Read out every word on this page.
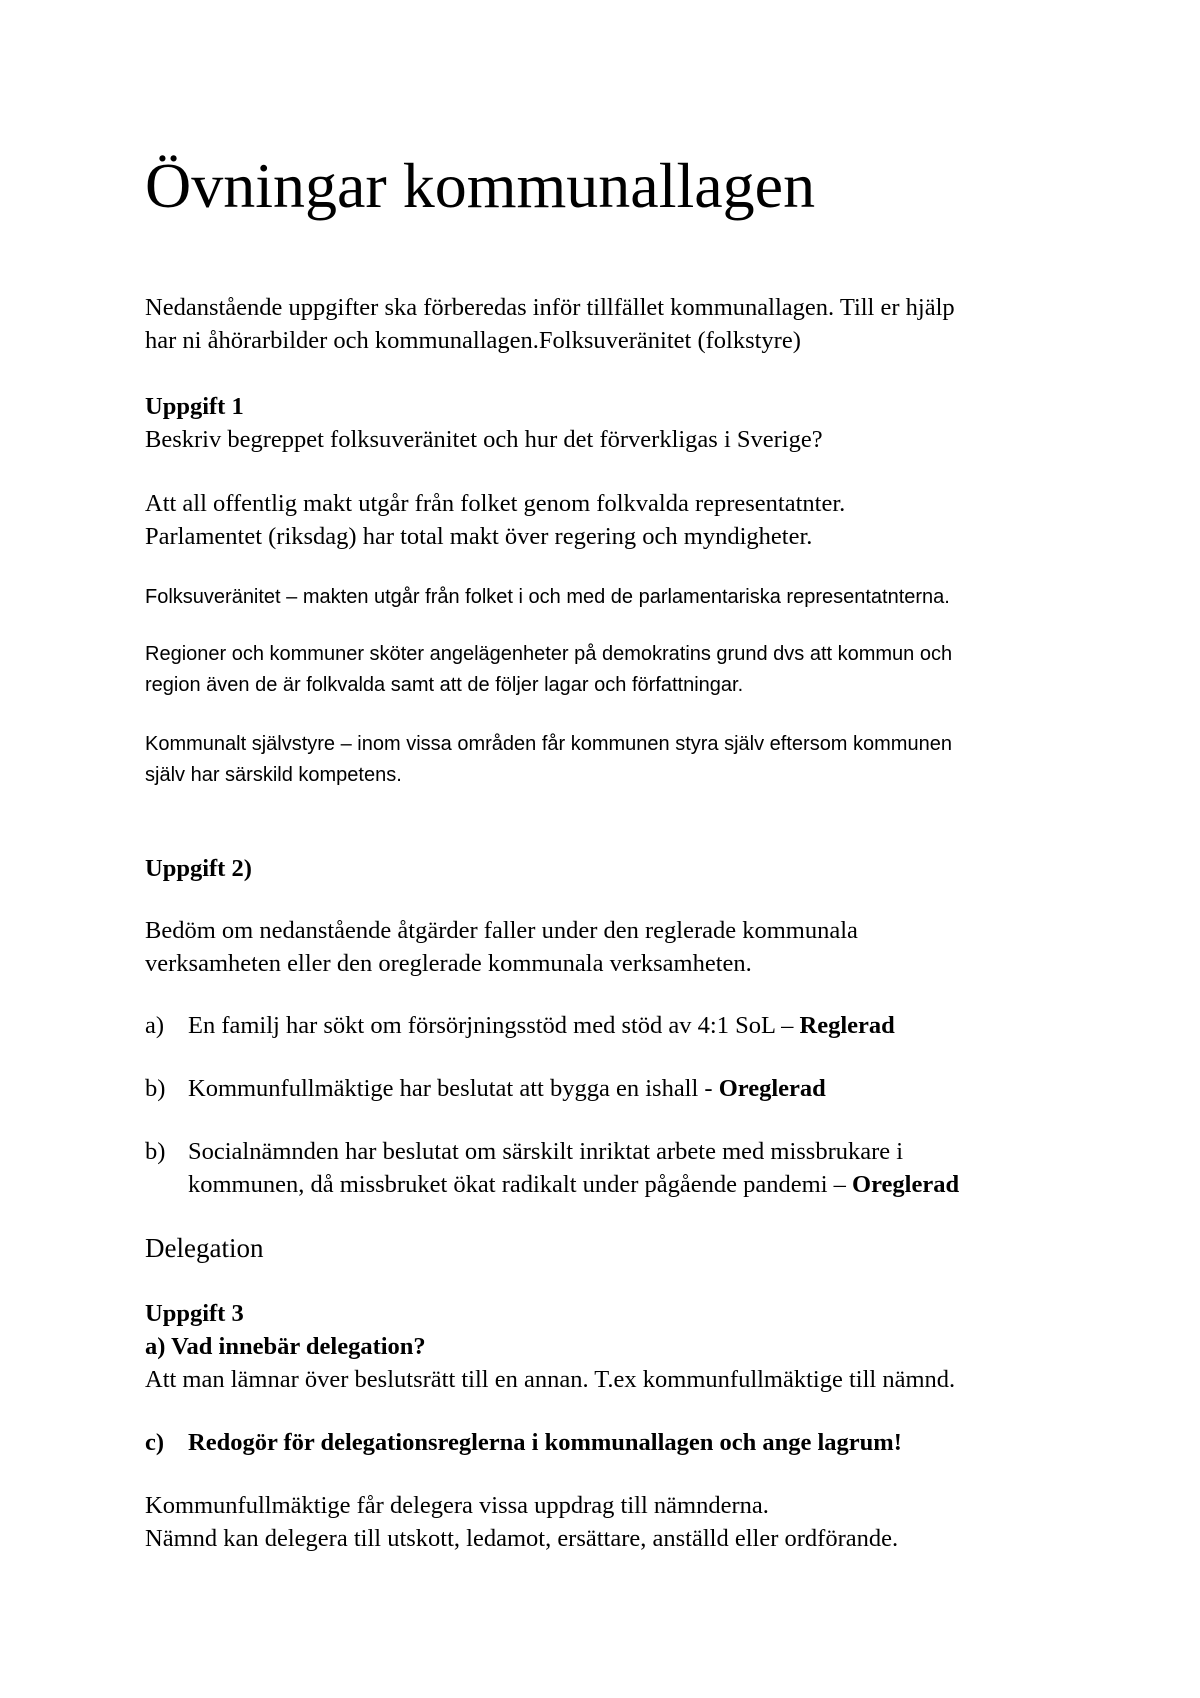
Övningar kommunallagen
Nedanstående uppgifter ska förberedas inför tillfället kommunallagen. Till er hjälp
har ni åhörarbilder och kommunallagen.Folksuveränitet (folkstyre)
Uppgift 1
Beskriv begreppet folksuveränitet och hur det förverkligas i Sverige?
Att all offentlig makt utgår från folket genom folkvalda representatnter.
Parlamentet (riksdag) har total makt över regering och myndigheter.
Folksuveränitet – makten utgår från folket i och med de parlamentariska representatnterna.
Regioner och kommuner sköter angelägenheter på demokratins grund dvs att kommun och
region även de är folkvalda samt att de följer lagar och författningar.
Kommunalt självstyre – inom vissa områden får kommunen styra själv eftersom kommunen
själv har särskild kompetens.
Uppgift 2)
Bedöm om nedanstående åtgärder faller under den reglerade kommunala
verksamheten eller den oreglerade kommunala verksamheten.
a) En familj har sökt om försörjningsstöd med stöd av 4:1 SoL – Reglerad
b) Kommunfullmäktige har beslutat att bygga en ishall - Oreglerad
b) Socialnämnden har beslutat om särskilt inriktat arbete med missbrukare i
kommunen, då missbruket ökat radikalt under pågående pandemi – Oreglerad
Delegation
Uppgift 3
a) Vad innebär delegation?
Att man lämnar över beslutsrätt till en annan. T.ex kommunfullmäktige till nämnd.
c) Redogör för delegationsreglerna i kommunallagen och ange lagrum!
Kommunfullmäktige får delegera vissa uppdrag till nämnderna.
Nämnd kan delegera till utskott, ledamot, ersättare, anställd eller ordförande.
